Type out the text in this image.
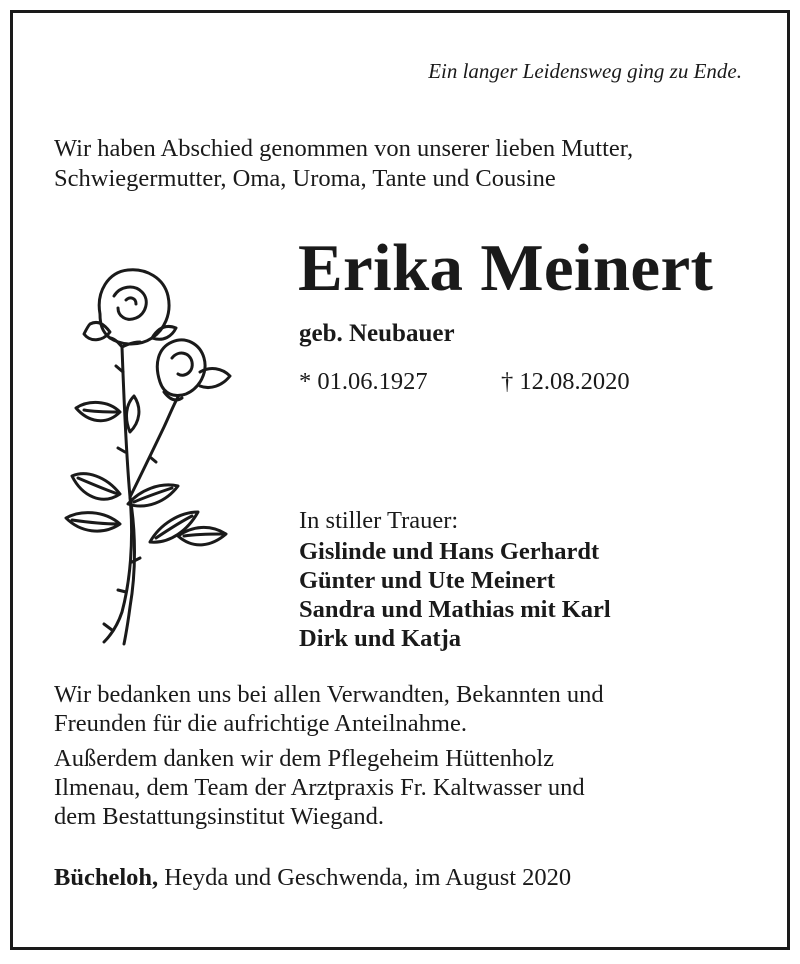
Ein langer Leidensweg ging zu Ende.
Wir haben Abschied genommen von unserer lieben Mutter,
Schwiegermutter, Oma, Uroma, Tante und Cousine
Erika Meinert
geb. Neubauer
* 01.06.1927	† 12.08.2020
In stiller Trauer:
Gislinde und Hans Gerhardt
Günter und Ute Meinert
Sandra und Mathias mit Karl
Dirk und Katja

Wir bedanken uns bei allen Verwandten, Bekannten und
Freunden für die aufrichtige Anteilnahme.

Außerdem danken wir dem Pflegeheim Hüttenholz
Ilmenau, dem Team der Arztpraxis Fr. Kaltwasser und
dem Bestattungsinstitut Wiegand.

Bücheloh, Heyda und Geschwenda, im August 2020
